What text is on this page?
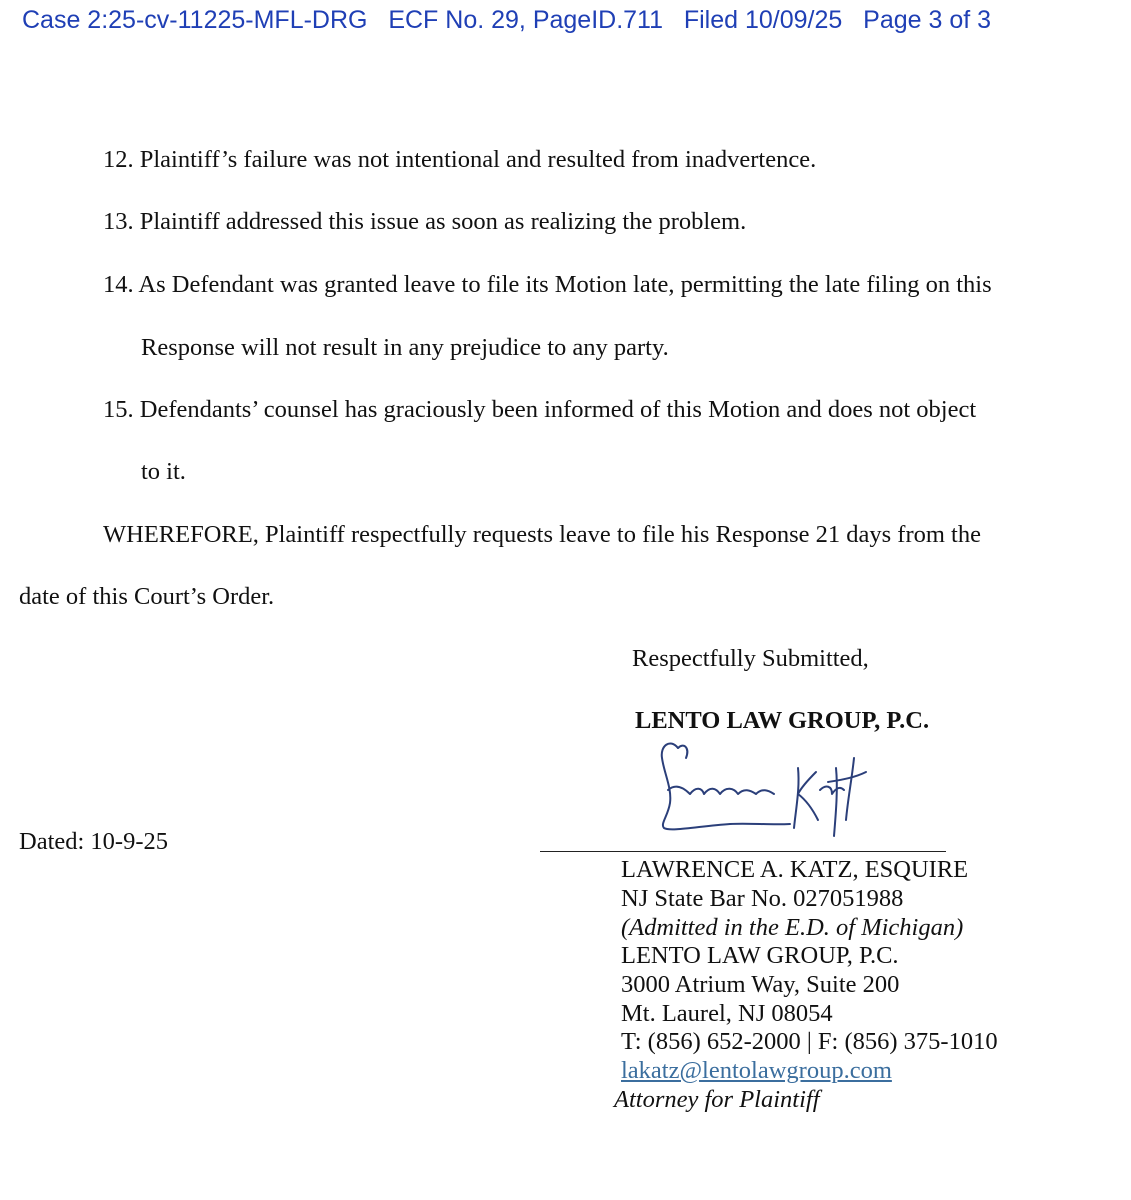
Case 2:25-cv-11225-MFL-DRG ECF No. 29, PageID.711 Filed 10/09/25 Page 3 of 3
12. Plaintiff’s failure was not intentional and resulted from inadvertence.
13. Plaintiff addressed this issue as soon as realizing the problem.
14. As Defendant was granted leave to file its Motion late, permitting the late filing on this
Response will not result in any prejudice to any party.
15. Defendants’ counsel has graciously been informed of this Motion and does not object
to it.
WHEREFORE, Plaintiff respectfully requests leave to file his Response 21 days from the
date of this Court’s Order.
Respectfully Submitted,
LENTO LAW GROUP, P.C.
Dated: 10-9-25
LAWRENCE A. KATZ, ESQUIRE
NJ State Bar No. 027051988
(Admitted in the E.D. of Michigan)
LENTO LAW GROUP, P.C.
3000 Atrium Way, Suite 200
Mt. Laurel, NJ 08054
T: (856) 652-2000 | F: (856) 375-1010
lakatz@lentolawgroup.com
Attorney for Plaintiff
